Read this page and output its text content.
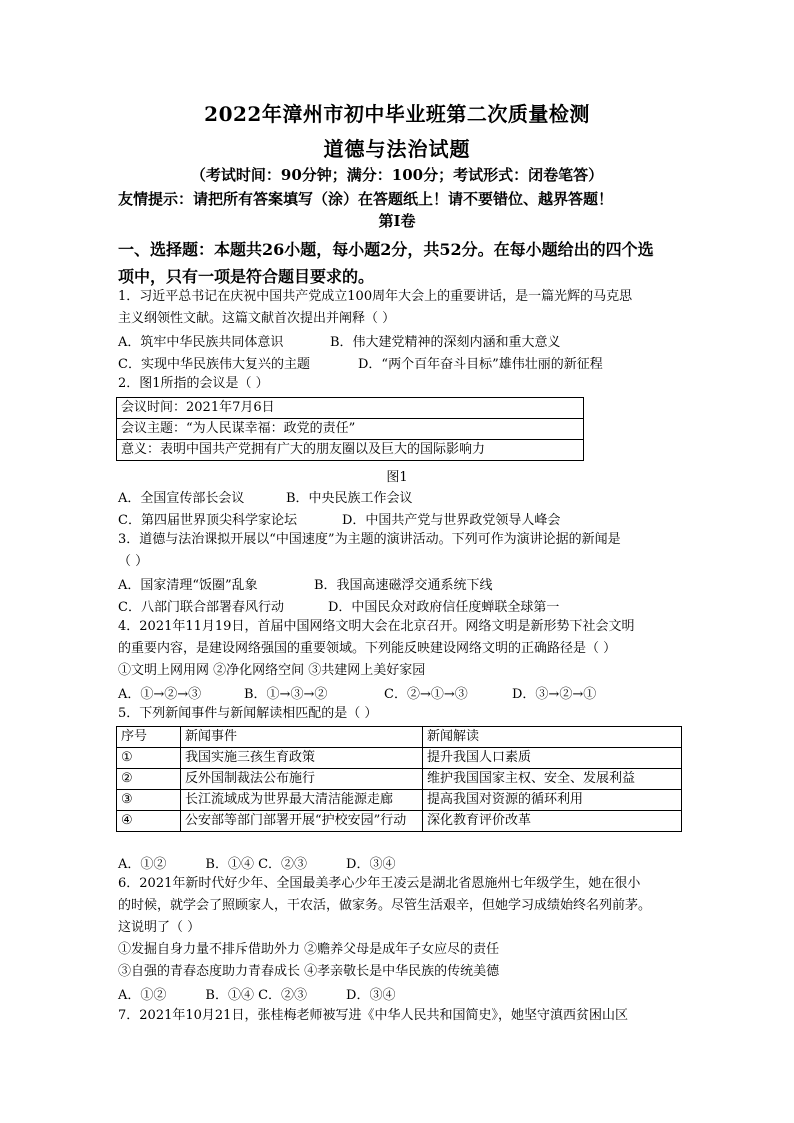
2022年漳州市初中毕业班第二次质量检测
道德与法治试题
（考试时间：90分钟；满分：100分；考试形式：闭卷笔答）
友情提示：请把所有答案填写（涂）在答题纸上！请不要错位、越界答题！
第Ⅰ卷
一、选择题：本题共26小题，每小题2分，共52分。在每小题给出的四个选
项中，只有一项是符合题目要求的。
1．习近平总书记在庆祝中国共产党成立100周年大会上的重要讲话，是一篇光辉的马克思
主义纲领性文献。这篇文献首次提出并阐释（ ）
A．筑牢中华民族共同体意识	B．伟大建党精神的深刻内涵和重大意义
C．实现中华民族伟大复兴的主题	D．“两个百年奋斗目标”雄伟壮丽的新征程
2．图1所指的会议是（ ）
会议时间：2021年7月6日
会议主题：“为人民谋幸福：政党的责任”
意义：表明中国共产党拥有广大的朋友圈以及巨大的国际影响力
图1
A．全国宣传部长会议	B．中央民族工作会议
C．第四届世界顶尖科学家论坛	D．中国共产党与世界政党领导人峰会
3．道德与法治课拟开展以“中国速度”为主题的演讲活动。下列可作为演讲论据的新闻是
（ ）
A．国家清理“饭圈”乱象	B．我国高速磁浮交通系统下线
C．八部门联合部署春风行动	D．中国民众对政府信任度蝉联全球第一
4．2021年11月19日，首届中国网络文明大会在北京召开。网络文明是新形势下社会文明
的重要内容，是建设网络强国的重要领域。下列能反映建设网络文明的正确路径是（ ）
①文明上网用网 ②净化网络空间 ③共建网上美好家园
A．①→②→③	B．①→③→②	C．②→①→③	D．③→②→①
5．下列新闻事件与新闻解读相匹配的是（ ）
序号	新闻事件	新闻解读
①	我国实施三孩生育政策	提升我国人口素质
②	反外国制裁法公布施行	维护我国国家主权、安全、发展利益
③	长江流域成为世界最大清洁能源走廊	提高我国对资源的循环利用
④	公安部等部门部署开展“护校安园”行动	深化教育评价改革
A．①②　　　B．①④ C．②③　　　D．③④
6．2021年新时代好少年、全国最美孝心少年王凌云是湖北省恩施州七年级学生，她在很小
的时候，就学会了照顾家人，干农活，做家务。尽管生活艰辛，但她学习成绩始终名列前茅。
这说明了（ ）
①发掘自身力量不排斥借助外力 ②赡养父母是成年子女应尽的责任
③自强的青春态度助力青春成长 ④孝亲敬长是中华民族的传统美德
A．①②　　　B．①④ C．②③　　　D．③④
7．2021年10月21日，张桂梅老师被写进《中华人民共和国简史》，她坚守滇西贫困山区
